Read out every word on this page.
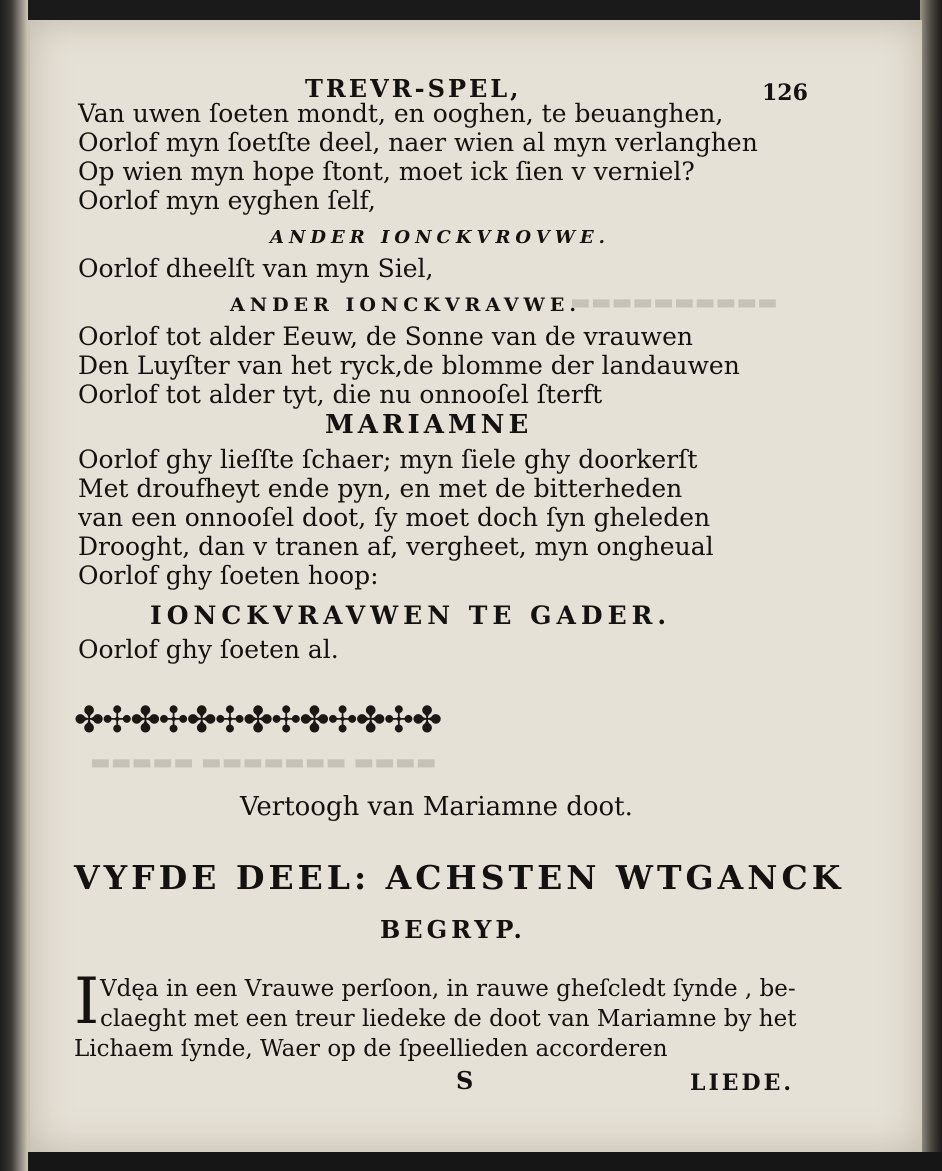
▬▬▬▬ ▬▬▬▬▬▬▬ ▬▬▬▬▬
▬▬▬▬▬▬▬▬▬▬
TREVR-SPEL,	126
Van uwen ſoeten mondt, en ooghen, te beuanghen,
Oorlof myn ſoetſte deel, naer wien al myn verlanghen
Op wien myn hope ſtont, moet ick ſien v verniel?
Oorlof myn eyghen ſelf,
ANDER IONCKVROVWE.
Oorlof dheelſt van myn Siel,
ANDER IONCKVRAVWE.
Oorlof tot alder Eeuw, de Sonne van de vrauwen
Den Luyſter van het ryck,de blomme der landauwen
Oorlof tot alder tyt, die nu onnooſel ſterft
MARIAMNE
Oorlof ghy lieſſte ſchaer; myn ſiele ghy doorkerſt
Met droufheyt ende pyn, en met de bitterheden
van een onnooſel doot, ſy moet doch ſyn gheleden
Drooght, dan v tranen af, vergheet, myn ongheual
Oorlof ghy ſoeten hoop:
IONCKVRAVWEN TE GADER.
Oorlof ghy ſoeten al.
✤✣✤✣✤✣✤✣✤✣✤✣✤
Vertoogh van Mariamne doot.
VYFDE DEEL: ACHSTEN WTGANCK
BEGRYP.
I Vdęa in een Vrauwe perſoon, in rauwe gheſcledt ſynde , be-
claeght met een treur liedeke de doot van Mariamne by het
Lichaem ſynde, Waer op de ſpeellieden accorderen
S	LIEDE.
